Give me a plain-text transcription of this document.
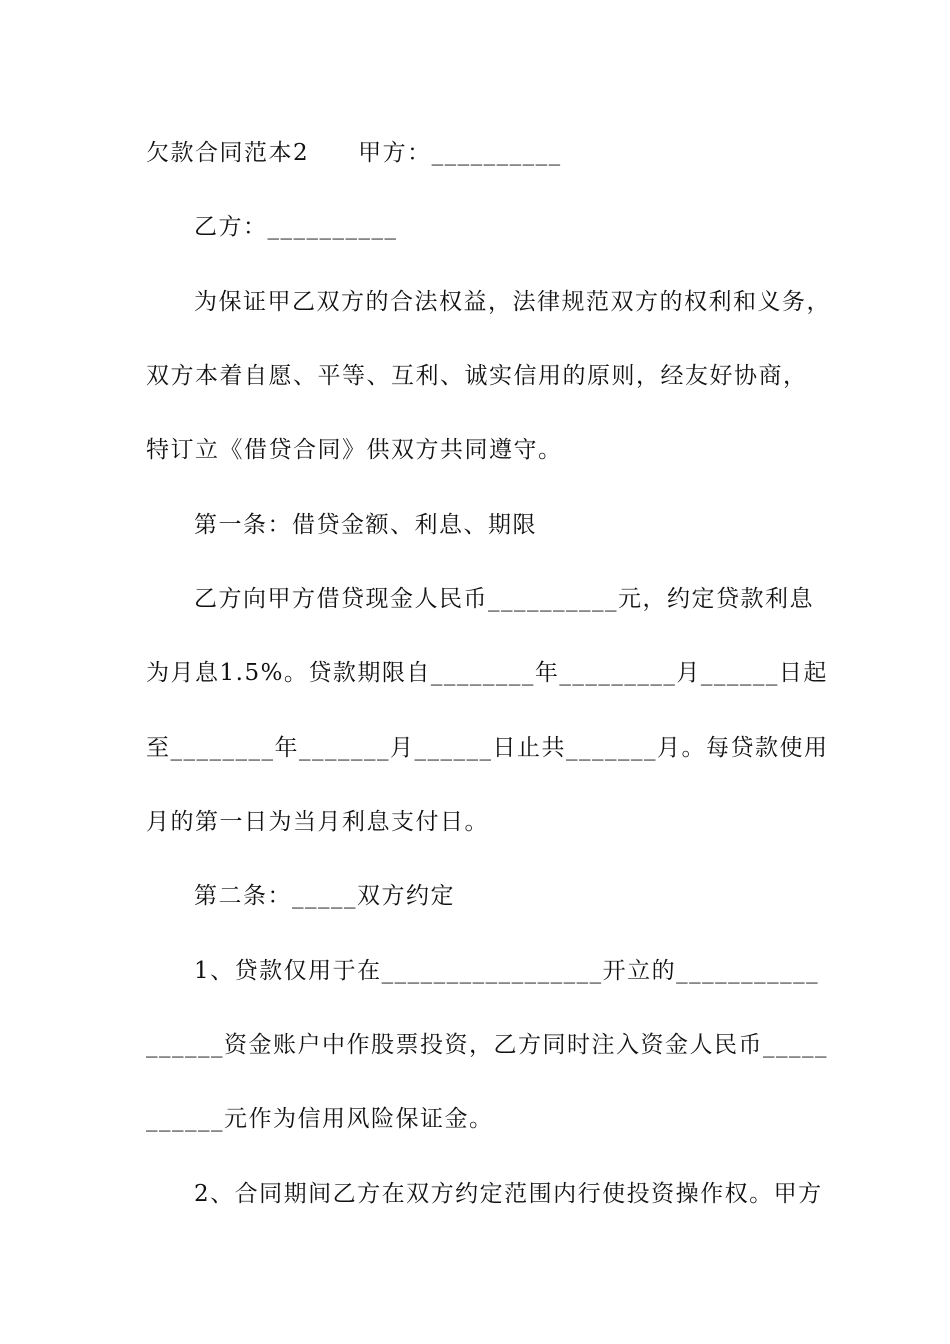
欠款合同范本2　　甲方：__________
乙方：__________
为保证甲乙双方的合法权益，法律规范双方的权利和义务，
双方本着自愿、平等、互利、诚实信用的原则，经友好协商，
特订立《借贷合同》供双方共同遵守。
第一条：借贷金额、利息、期限
乙方向甲方借贷现金人民币__________元，约定贷款利息
为月息1.5%。贷款期限自________年_________月______日起
至________年_______月______日止共_______月。每贷款使用
月的第一日为当月利息支付日。
第二条：_____双方约定
1、贷款仅用于在_________________开立的___________
______资金账户中作股票投资，乙方同时注入资金人民币_____
______元作为信用风险保证金。
2、合同期间乙方在双方约定范围内行使投资操作权。甲方
